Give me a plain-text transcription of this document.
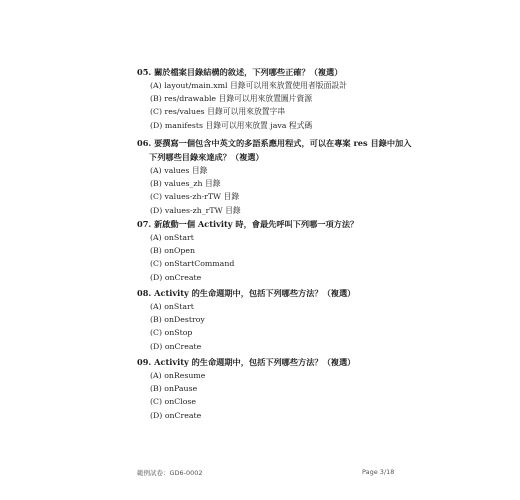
05. 關於檔案目錄結構的敘述，下列哪些正確？（複選）
(A) layout/main.xml 目錄可以用來放置使用者版面設計
(B) res/drawable 目錄可以用來放置圖片資源
(C) res/values 目錄可以用來放置字串
(D) manifests 目錄可以用來放置 java 程式碼
06. 要撰寫一個包含中英文的多語系應用程式，可以在專案 res 目錄中加入
下列哪些目錄來達成？（複選）
(A) values 目錄
(B) values_zh 目錄
(C) values-zh-rTW 目錄
(D) values-zh_rTW 目錄
07. 新啟動一個 Activity 時，會最先呼叫下列哪一項方法？
(A) onStart
(B) onOpen
(C) onStartCommand
(D) onCreate
08. Activity 的生命週期中，包括下列哪些方法？（複選）
(A) onStart
(B) onDestroy
(C) onStop
(D) onCreate
09. Activity 的生命週期中，包括下列哪些方法？（複選）
(A) onResume
(B) onPause
(C) onClose
(D) onCreate
範例試卷：GD6-0002	Page 3/18
